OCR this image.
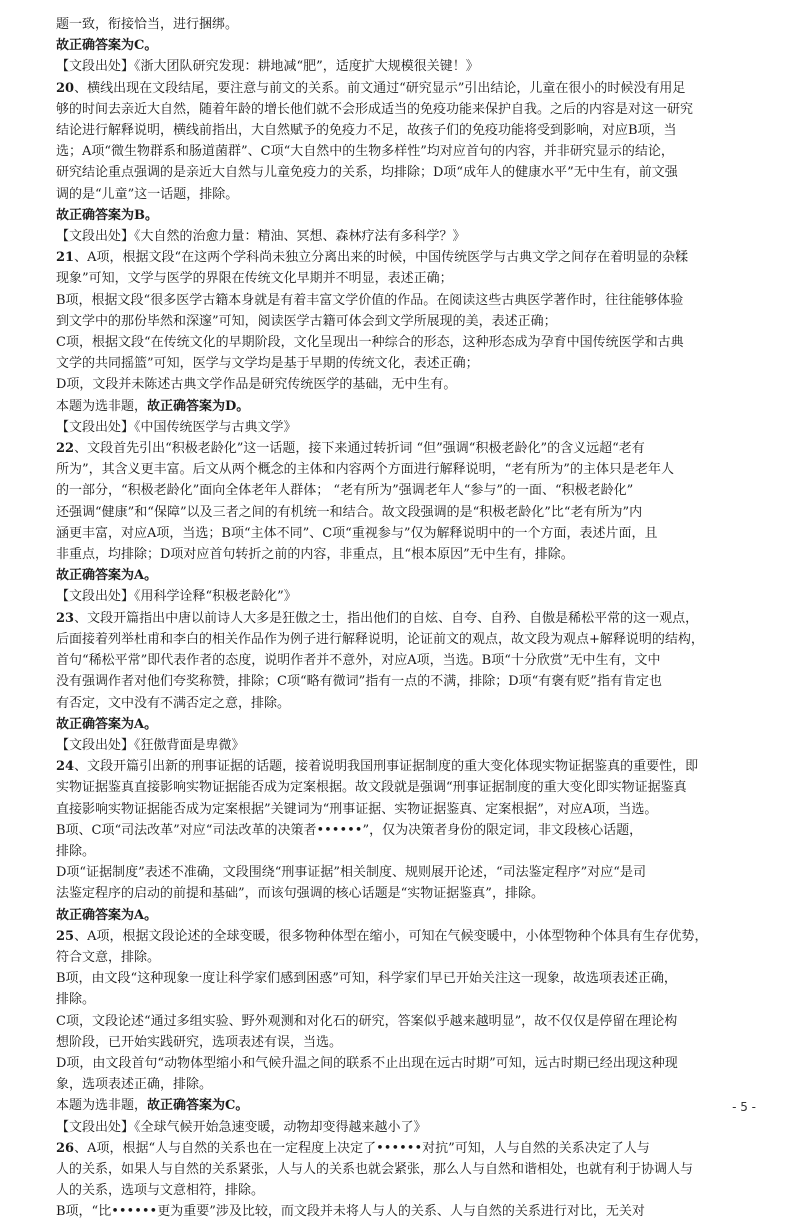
题一致，衔接恰当，进行捆绑。
故正确答案为C。
【文段出处】《浙大团队研究发现：耕地减“肥”，适度扩大规模很关键！》
20、横线出现在文段结尾，要注意与前文的关系。前文通过“研究显示”引出结论，儿童在很小的时候没有用足
够的时间去亲近大自然，随着年龄的增长他们就不会形成适当的免疫功能来保护自我。之后的内容是对这一研究
结论进行解释说明，横线前指出，大自然赋予的免疫力不足，故孩子们的免疫功能将受到影响，对应B项，当
选；A项“微生物群系和肠道菌群”、C项“大自然中的生物多样性”均对应首句的内容，并非研究显示的结论，
研究结论重点强调的是亲近大自然与儿童免疫力的关系，均排除；D项“成年人的健康水平”无中生有，前文强
调的是“儿童”这一话题，排除。
故正确答案为B。
【文段出处】《大自然的治愈力量：精油、冥想、森林疗法有多科学？》
21、A项，根据文段“在这两个学科尚未独立分离出来的时候，中国传统医学与古典文学之间存在着明显的杂糅
现象”可知，文学与医学的界限在传统文化早期并不明显，表述正确；
B项，根据文段“很多医学古籍本身就是有着丰富文学价值的作品。在阅读这些古典医学著作时，往往能够体验
到文学中的那份毕然和深邃”可知，阅读医学古籍可体会到文学所展现的美，表述正确；
C项，根据文段“在传统文化的早期阶段，文化呈现出一种综合的形态，这种形态成为孕育中国传统医学和古典
文学的共同摇篮”可知，医学与文学均是基于早期的传统文化，表述正确；
D项，文段并未陈述古典文学作品是研究传统医学的基础，无中生有。
本题为选非题，故正确答案为D。
【文段出处】《中国传统医学与古典文学》
22、文段首先引出“积极老龄化”这一话题，接下来通过转折词 “但”强调“积极老龄化”的含义远超“老有
所为”，其含义更丰富。后文从两个概念的主体和内容两个方面进行解释说明，“老有所为”的主体只是老年人
的一部分，“积极老龄化”面向全体老年人群体； “老有所为”强调老年人“参与”的一面、“积极老龄化”
还强调“健康”和“保障”以及三者之间的有机统一和结合。故文段强调的是“积极老龄化”比“老有所为”内
涵更丰富，对应A项，当选；B项“主体不同”、C项“重视参与”仅为解释说明中的一个方面，表述片面，且
非重点，均排除；D项对应首句转折之前的内容，非重点，且“根本原因”无中生有，排除。
故正确答案为A。
【文段出处】《用科学诠释“积极老龄化”》
23、文段开篇指出中唐以前诗人大多是狂傲之士，指出他们的自炫、自夸、自矜、自傲是稀松平常的这一观点，
后面接着列举杜甫和李白的相关作品作为例子进行解释说明，论证前文的观点，故文段为观点+解释说明的结构，
首句“稀松平常”即代表作者的态度，说明作者并不意外，对应A项，当选。B项“十分欣赏”无中生有，文中
没有强调作者对他们夸奖称赞，排除；C项“略有微词”指有一点的不满，排除；D项“有褒有贬”指有肯定也
有否定，文中没有不满否定之意，排除。
故正确答案为A。
【文段出处】《狂傲背面是卑微》
24、文段开篇引出新的刑事证据的话题，接着说明我国刑事证据制度的重大变化体现实物证据鉴真的重要性，即
实物证据鉴真直接影响实物证据能否成为定案根据。故文段就是强调“刑事证据制度的重大变化即实物证据鉴真
直接影响实物证据能否成为定案根据”关键词为“刑事证据、实物证据鉴真、定案根据”，对应A项，当选。
B项、C项“司法改革”对应“司法改革的决策者••••••”，仅为决策者身份的限定词，非文段核心话题，
排除。
D项“证据制度”表述不准确，文段围绕“刑事证据”相关制度、规则展开论述，“司法鉴定程序”对应“是司
法鉴定程序的启动的前提和基础”，而该句强调的核心话题是“实物证据鉴真”，排除。
故正确答案为A。
25、A项，根据文段论述的全球变暖，很多物种体型在缩小，可知在气候变暖中，小体型物种个体具有生存优势，
符合文意，排除。
B项，由文段“这种现象一度让科学家们感到困惑”可知，科学家们早已开始关注这一现象，故选项表述正确，
排除。
C项，文段论述“通过多组实验、野外观测和对化石的研究，答案似乎越来越明显”，故不仅仅是停留在理论构
想阶段，已开始实践研究，选项表述有误，当选。
D项，由文段首句“动物体型缩小和气候升温之间的联系不止出现在远古时期”可知，远古时期已经出现这种现
象，选项表述正确，排除。
本题为选非题，故正确答案为C。
【文段出处】《全球气候开始急速变暖，动物却变得越来越小了》
26、A项，根据“人与自然的关系也在一定程度上决定了••••••对抗”可知，人与自然的关系决定了人与
人的关系，如果人与自然的关系紧张，人与人的关系也就会紧张，那么人与自然和谐相处，也就有利于协调人与
人的关系，选项与文意相符，排除。
B项，“比••••••更为重要”涉及比较，而文段并未将人与人的关系、人与自然的关系进行对比，无关对
- 5 -
